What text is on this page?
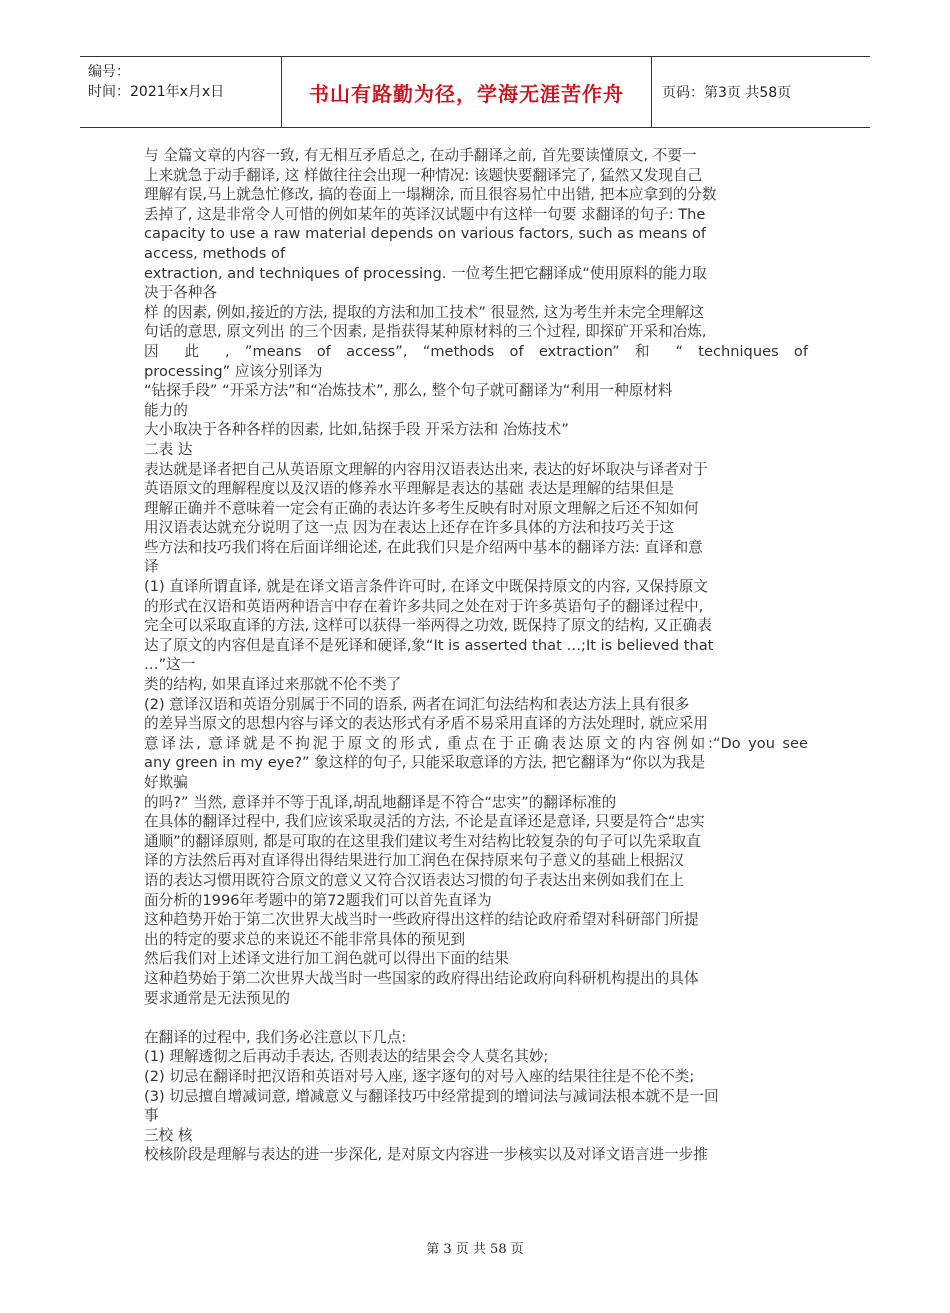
编号：
时间：2021年x月x日	书山有路勤为径，学海无涯苦作舟	页码：第3页 共58页

与 全篇文章的内容一致, 有无相互矛盾总之, 在动手翻译之前, 首先要读懂原文, 不要一

上来就急于动手翻译, 这 样做往往会出现一种情况: 该题快要翻译完了, 猛然又发现自己

理解有误,马上就急忙修改, 搞的卷面上一塌糊涂, 而且很容易忙中出错, 把本应拿到的分数

丢掉了, 这是非常令人可惜的例如某年的英译汉试题中有这样一句要 求翻译的句子: The

capacity to use a raw material depends on various factors, such as means of

access, methods of

extraction, and techniques of processing. 一位考生把它翻译成“使用原料的能力取

决于各种各

样 的因素, 例如,接近的方法, 提取的方法和加工技术” 很显然, 这为考生并未完全理解这

句话的意思, 原文列出 的三个因素, 是指获得某种原材料的三个过程, 即探矿开采和冶炼,

因 此 , ”means of access”, “methods of extraction” 和 “ techniques of

processing” 应该分别译为

“钻探手段” “开采方法”和“冶炼技术”, 那么, 整个句子就可翻译为“利用一种原材料

能力的

大小取决于各种各样的因素, 比如,钻探手段 开采方法和 冶炼技术”

二表 达

表达就是译者把自己从英语原文理解的内容用汉语表达出来, 表达的好坏取决与译者对于

英语原文的理解程度以及汉语的修养水平理解是表达的基础 表达是理解的结果但是

理解正确并不意味着一定会有正确的表达许多考生反映有时对原文理解之后还不知如何

用汉语表达就充分说明了这一点 因为在表达上还存在许多具体的方法和技巧关于这

些方法和技巧我们将在后面详细论述, 在此我们只是介绍两中基本的翻译方法: 直译和意

译

(1) 直译所谓直译, 就是在译文语言条件许可时, 在译文中既保持原文的内容, 又保持原文

的形式在汉语和英语两种语言中存在着许多共同之处在对于许多英语句子的翻译过程中,

完全可以采取直译的方法, 这样可以获得一举两得之功效, 既保持了原文的结构, 又正确表

达了原文的内容但是直译不是死译和硬译,象“It is asserted that …;It is believed that

…”这一

类的结构, 如果直译过来那就不伦不类了

(2) 意译汉语和英语分别属于不同的语系, 两者在词汇句法结构和表达方法上具有很多

的差异当原文的思想内容与译文的表达形式有矛盾不易采用直译的方法处理时, 就应采用

意译法, 意译就是不拘泥于原文的形式, 重点在于正确表达原文的内容例如:“Do you see

any green in my eye?” 象这样的句子, 只能采取意译的方法, 把它翻译为“你以为我是

好欺骗

的吗?” 当然, 意译并不等于乱译,胡乱地翻译是不符合“忠实”的翻译标准的

在具体的翻译过程中, 我们应该采取灵活的方法, 不论是直译还是意译, 只要是符合“忠实

通顺”的翻译原则, 都是可取的在这里我们建议考生对结构比较复杂的句子可以先采取直

译的方法然后再对直译得出得结果进行加工润色在保持原来句子意义的基础上根据汉

语的表达习惯用既符合原文的意义又符合汉语表达习惯的句子表达出来例如我们在上

面分析的1996年考题中的第72题我们可以首先直译为

这种趋势开始于第二次世界大战当时一些政府得出这样的结论政府希望对科研部门所提

出的特定的要求总的来说还不能非常具体的预见到

然后我们对上述译文进行加工润色就可以得出下面的结果

这种趋势始于第二次世界大战当时一些国家的政府得出结论政府向科研机构提出的具体

要求通常是无法预见的

在翻译的过程中, 我们务必注意以下几点:

(1) 理解透彻之后再动手表达, 否则表达的结果会令人莫名其妙;

(2) 切忌在翻译时把汉语和英语对号入座, 逐字逐句的对号入座的结果往往是不伦不类;

(3) 切忌擅自增减词意, 增减意义与翻译技巧中经常提到的增词法与减词法根本就不是一回

事

三校 核

校核阶段是理解与表达的进一步深化, 是对原文内容进一步核实以及对译文语言进一步推

第 3 页 共 58 页
